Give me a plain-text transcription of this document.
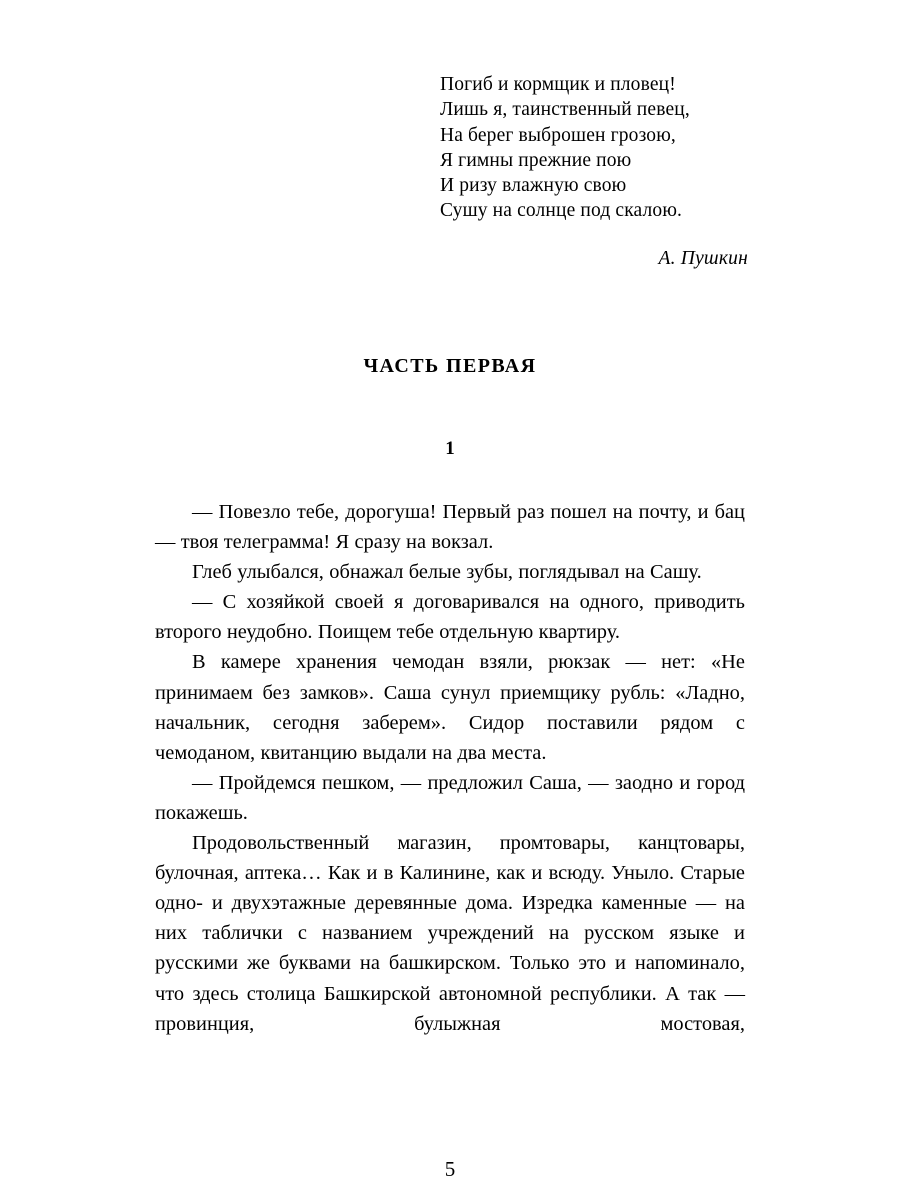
Погиб и кормщик и пловец!
Лишь я, таинственный певец,
На берег выброшен грозою,
Я гимны прежние пою
И ризу влажную свою
Сушу на солнце под скалою.
А. Пушкин
ЧАСТЬ ПЕРВАЯ
1

— Повезло тебе, дорогуша! Первый раз пошел на почту, и бац — твоя телеграмма! Я сразу на вокзал.

Глеб улыбался, обнажал белые зубы, поглядывал на Сашу.

— С хозяйкой своей я договаривался на одного, приводить второго неудобно. Поищем тебе отдельную квартиру.

В камере хранения чемодан взяли, рюкзак — нет: «Не принимаем без замков». Саша сунул приемщику рубль: «Ладно, начальник, сегодня заберем». Сидор поставили рядом с чемоданом, квитанцию выдали на два места.

— Пройдемся пешком, — предложил Саша, — заодно и город покажешь.

Продовольственный магазин, промтовары, канцтовары, булочная, аптека… Как и в Калинине, как и всюду. Уныло. Старые одно- и двухэтажные деревянные дома. Изредка каменные — на них таблички с названием учреждений на русском языке и русскими же буквами на башкирском. Только это и напоминало, что здесь столица Башкирской автономной республики. А так — провинция, булыжная мостовая,

5
